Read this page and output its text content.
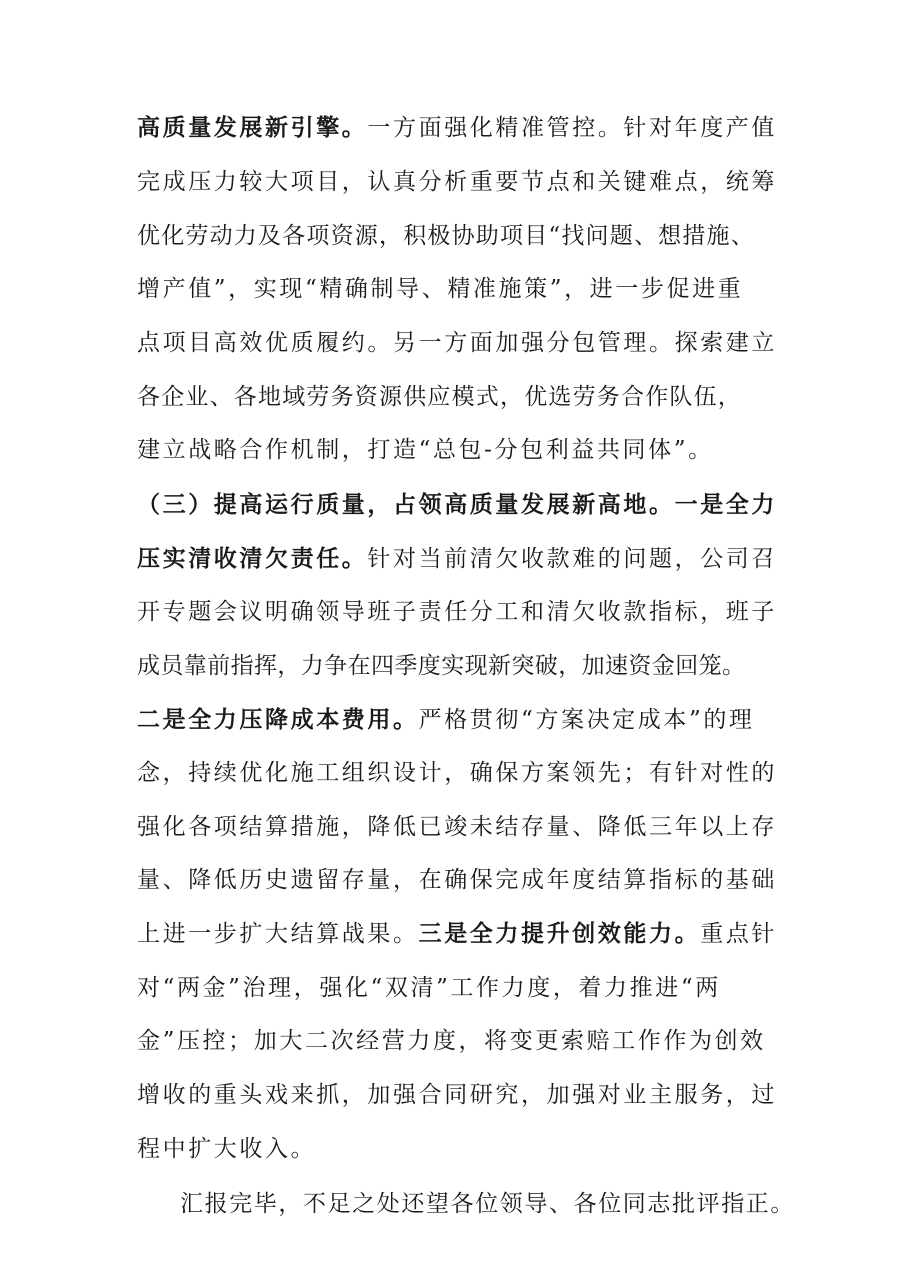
高质量发展新引擎。一方面强化精准管控。针对年度产值
完成压力较大项目，认真分析重要节点和关键难点，统筹
优化劳动力及各项资源，积极协助项目“找问题、想措施、
增产值”，实现“精确制导、精准施策”，进一步促进重
点项目高效优质履约。另一方面加强分包管理。探索建立
各企业、各地域劳务资源供应模式，优选劳务合作队伍，
建立战略合作机制，打造“总包-分包利益共同体”。
（三）提高运行质量，占领高质量发展新高地。一是全力
压实清收清欠责任。针对当前清欠收款难的问题，公司召
开专题会议明确领导班子责任分工和清欠收款指标，班子
成员靠前指挥，力争在四季度实现新突破，加速资金回笼。
二是全力压降成本费用。严格贯彻“方案决定成本”的理
念，持续优化施工组织设计，确保方案领先；有针对性的
强化各项结算措施，降低已竣未结存量、降低三年以上存
量、降低历史遗留存量，在确保完成年度结算指标的基础
上进一步扩大结算战果。三是全力提升创效能力。重点针
对“两金”治理，强化“双清”工作力度，着力推进“两
金”压控；加大二次经营力度，将变更索赔工作作为创效
增收的重头戏来抓，加强合同研究，加强对业主服务，过
程中扩大收入。
汇报完毕，不足之处还望各位领导、各位同志批评指正。
